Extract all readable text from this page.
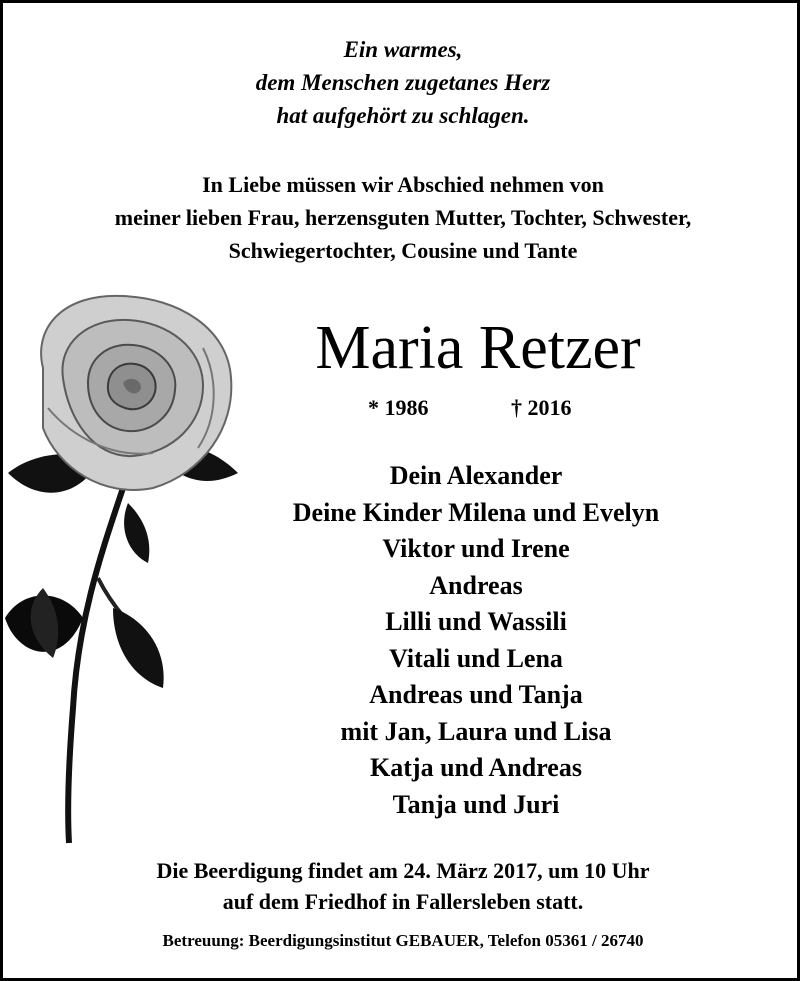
Ein warmes,
dem Menschen zugetanes Herz
hat aufgehört zu schlagen.
In Liebe müssen wir Abschied nehmen von
meiner lieben Frau, herzensguten Mutter, Tochter, Schwester,
Schwiegertochter, Cousine und Tante
Maria Retzer
* 1986	† 2016
Dein Alexander
Deine Kinder Milena und Evelyn
Viktor und Irene
Andreas
Lilli und Wassili
Vitali und Lena
Andreas und Tanja
mit Jan, Laura und Lisa
Katja und Andreas
Tanja und Juri
Die Beerdigung findet am 24. März 2017, um 10 Uhr
auf dem Friedhof in Fallersleben statt.
Betreuung: Beerdigungsinstitut GEBAUER, Telefon 05361 / 26740
